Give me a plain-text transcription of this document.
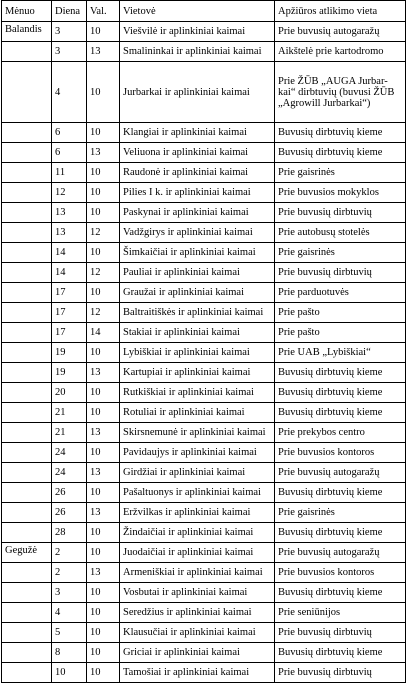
Mėnuo	Diena	Val.	Vietovė	Apžiūros atlikimo vieta
Balandis	3	10	Viešvilė ir aplinkiniai kaimai	Prie buvusių autogaražų
	3	13	Smalininkai ir aplinkiniai kaimai	Aikštelė prie kartodromo
	4	10	Jurbarkai ir aplinkiniai kaimai	Prie ŽŪB „AUGA Jurbar-kai“ dirbtuvių (buvusi ŽŪB „Agrowill Jurbarkai“)
	6	10	Klangiai ir aplinkiniai kaimai	Buvusių dirbtuvių kieme
	6	13	Veliuona ir aplinkiniai kaimai	Buvusių dirbtuvių kieme
	11	10	Raudonė ir aplinkiniai kaimai	Prie gaisrinės
	12	10	Pilies I k. ir aplinkiniai kaimai	Prie buvusios mokyklos
	13	10	Paskynai ir aplinkiniai kaimai	Prie buvusių dirbtuvių
	13	12	Vadžgirys ir aplinkiniai kaimai	Prie autobusų stotelės
	14	10	Šimkaičiai ir aplinkiniai kaimai	Prie gaisrinės
	14	12	Pauliai ir aplinkiniai kaimai	Prie buvusių dirbtuvių
	17	10	Graužai ir aplinkiniai kaimai	Prie parduotuvės
	17	12	Baltraitiškės ir aplinkiniai kaimai	Prie pašto
	17	14	Stakiai ir aplinkiniai kaimai	Prie pašto
	19	10	Lybiškiai ir aplinkiniai kaimai	Prie UAB „Lybiškiai“
	19	13	Kartupiai ir aplinkiniai kaimai	Buvusių dirbtuvių kieme
	20	10	Rutkiškiai ir aplinkiniai kaimai	Buvusių dirbtuvių kieme
	21	10	Rotuliai ir aplinkiniai kaimai	Buvusių dirbtuvių kieme
	21	13	Skirsnemunė ir aplinkiniai kaimai	Prie prekybos centro
	24	10	Pavidaujys ir aplinkiniai kaimai	Prie buvusios kontoros
	24	13	Girdžiai ir aplinkiniai kaimai	Prie buvusių autogaražų
	26	10	Pašaltuonys ir aplinkiniai kaimai	Buvusių dirbtuvių kieme
	26	13	Eržvilkas ir aplinkiniai kaimai	Prie gaisrinės
	28	10	Žindaičiai ir aplinkiniai kaimai	Buvusių dirbtuvių kieme
Gegužė	2	10	Juodaičiai ir aplinkiniai kaimai	Prie buvusių autogaražų
	2	13	Armeniškiai ir aplinkiniai kaimai	Prie buvusios kontoros
	3	10	Vosbutai ir aplinkiniai kaimai	Buvusių dirbtuvių kieme
	4	10	Seredžius ir aplinkiniai kaimai	Prie seniūnijos
	5	10	Klausučiai ir aplinkiniai kaimai	Prie buvusių dirbtuvių
	8	10	Griciai ir aplinkiniai kaimai	Buvusių dirbtuvių kieme
	10	10	Tamošiai ir aplinkiniai kaimai	Prie buvusių dirbtuvių
